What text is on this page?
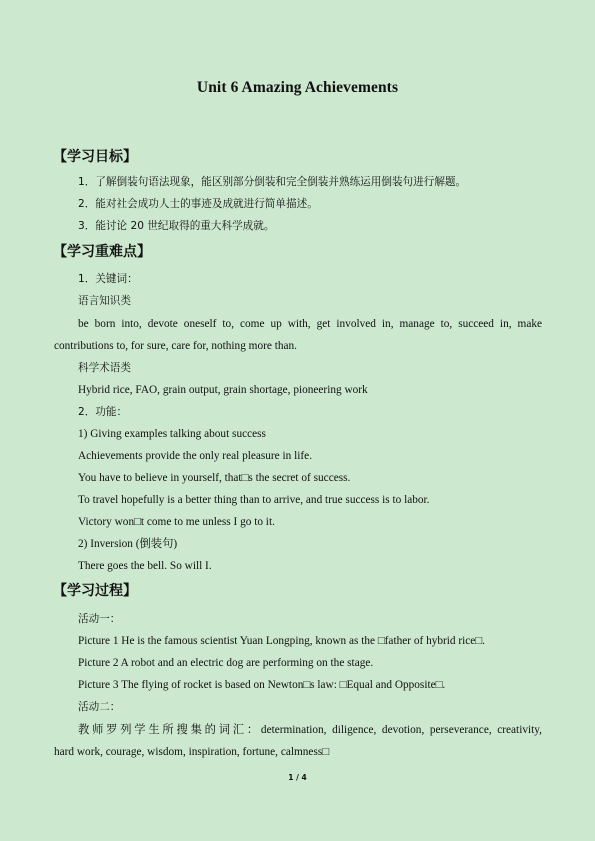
Unit 6 Amazing Achievements
【学习目标】
1．了解倒装句语法现象，能区别部分倒装和完全倒装并熟练运用倒装句进行解题。
2．能对社会成功人士的事迹及成就进行简单描述。
3．能讨论 20 世纪取得的重大科学成就。
【学习重难点】
1．关键词：
语言知识类
be born into, devote oneself to, come up with, get involved in, manage to, succeed in, make
contributions to, for sure, care for, nothing more than.
科学术语类
Hybrid rice, FAO, grain output, grain shortage, pioneering work
2．功能：
1) Giving examples talking about success
Achievements provide the only real pleasure in life.
You have to believe in yourself, that□s the secret of success.
To travel hopefully is a better thing than to arrive, and true success is to labor.
Victory won□t come to me unless I go to it.
2) Inversion (倒装句)
There goes the bell. So will I.
【学习过程】
活动一：
Picture 1 He is the famous scientist Yuan Longping, known as the □father of hybrid rice□.
Picture 2 A robot and an electric dog are performing on the stage.
Picture 3 The flying of rocket is based on Newton□s law: □Equal and Opposite□.
活动二：
教师罗列学生所搜集的词汇：determination, diligence, devotion, perseverance, creativity,
hard work, courage, wisdom, inspiration, fortune, calmness□
1 / 4
